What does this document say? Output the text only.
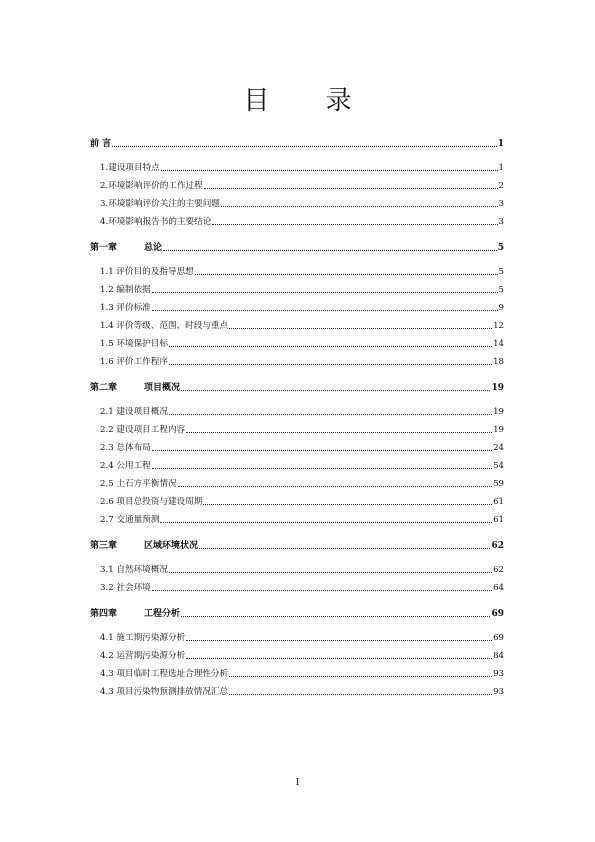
目 录
前 言	1
1.建设项目特点	1
2.环境影响评价的工作过程	2
3.环境影响评价关注的主要问题	3
4.环境影响报告书的主要结论	3
第一章	总论	5
1.1 评价目的及指导思想	5
1.2 编制依据	5
1.3 评价标准	9
1.4 评价等级、范围、时段与重点	12
1.5 环境保护目标	14
1.6 评价工作程序	18
第二章	项目概况	19
2.1 建设项目概况	19
2.2 建设项目工程内容	19
2.3 总体布局	24
2.4 公用工程	54
2.5 土石方平衡情况	59
2.6 项目总投资与建设周期	61
2.7 交通量预测	61
第三章	区域环境状况	62
3.1 自然环境概况	62
3.2 社会环境	64
第四章	工程分析	69
4.1 施工期污染源分析	69
4.2 运营期污染源分析	84
4.3 项目临时工程选址合理性分析	93
4.3 项目污染物预测排放情况汇总	93
I
